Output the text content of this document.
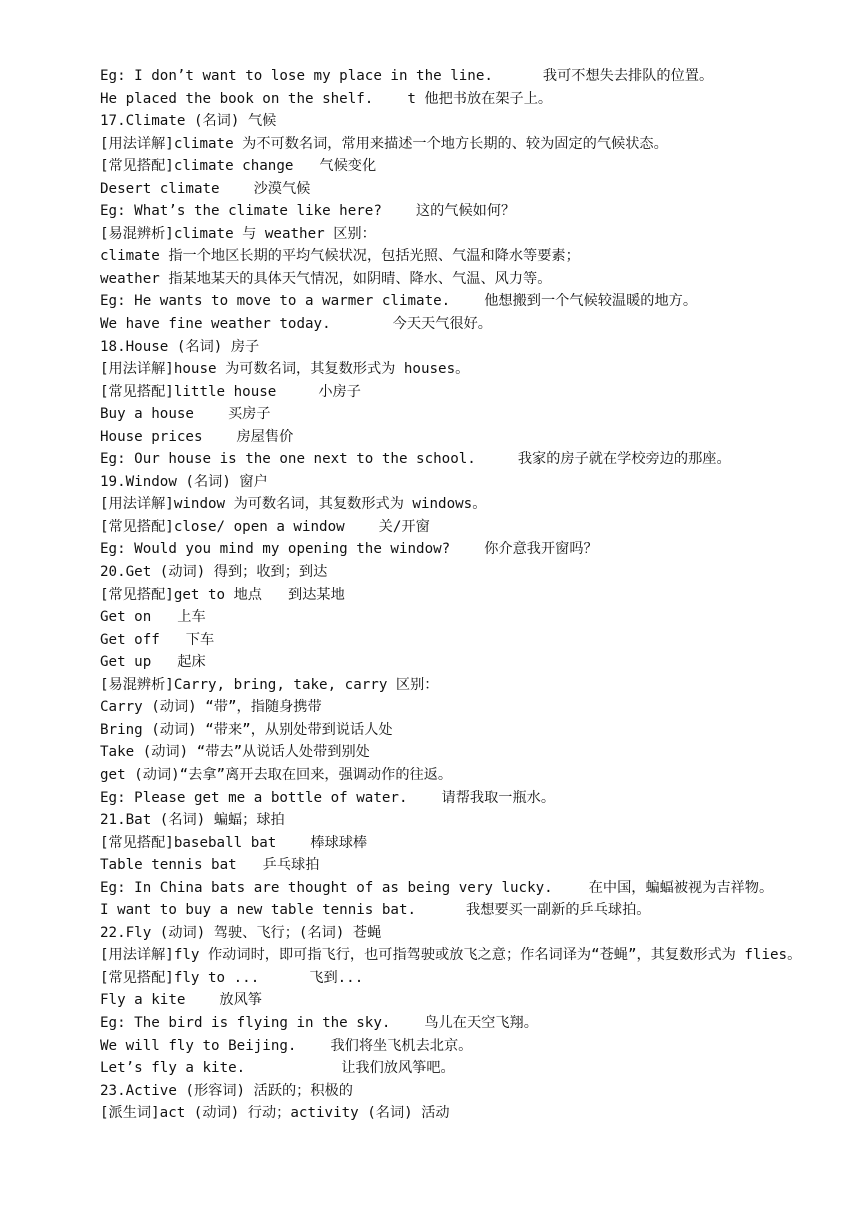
Eg: I don’t want to lose my place in the line.	我可不想失去排队的位置。
He placed the book on the shelf. t 他把书放在架子上。
17.Climate (名词) 气候
[用法详解]climate 为不可数名词，常用来描述一个地方长期的、较为固定的气候状态。
[常见搭配]climate change 气候变化
Desert climate 沙漠气候
Eg: What’s the climate like here? 这的气候如何？
[易混辨析]climate 与 weather 区别：
climate 指一个地区长期的平均气候状况，包括光照、气温和降水等要素；
weather 指某地某天的具体天气情况，如阴晴、降水、气温、风力等。
Eg: He wants to move to a warmer climate. 他想搬到一个气候较温暖的地方。
We have fine weather today.	今天天气很好。
18.House (名词) 房子
[用法详解]house 为可数名词，其复数形式为 houses。
[常见搭配]little house	小房子
Buy a house 买房子
House prices 房屋售价
Eg: Our house is the one next to the school.	我家的房子就在学校旁边的那座。
19.Window (名词) 窗户
[用法详解]window 为可数名词，其复数形式为 windows。
[常见搭配]close/ open a window 关/开窗
Eg: Would you mind my opening the window? 你介意我开窗吗？
20.Get (动词) 得到；收到；到达
[常见搭配]get to 地点 到达某地
Get on 上车
Get off 下车
Get up 起床
[易混辨析]Carry, bring, take, carry 区别：
Carry (动词) “带”，指随身携带
Bring (动词) “带来”，从别处带到说话人处
Take (动词) “带去”从说话人处带到别处
get (动词)“去拿”离开去取在回来，强调动作的往返。
Eg: Please get me a bottle of water. 请帮我取一瓶水。
21.Bat (名词) 蝙蝠；球拍
[常见搭配]baseball bat 棒球球棒
Table tennis bat 乒乓球拍
Eg: In China bats are thought of as being very lucky.	在中国，蝙蝠被视为吉祥物。
I want to buy a new table tennis bat.	我想要买一副新的乒乓球拍。
22.Fly (动词) 驾驶、飞行；(名词) 苍蝇
[用法详解]fly 作动词时，即可指飞行，也可指驾驶或放飞之意；作名词译为“苍蝇”，其复数形式为 flies。
[常见搭配]fly to ...	飞到...
Fly a kite 放风筝
Eg: The bird is flying in the sky. 鸟儿在天空飞翔。
We will fly to Beijing. 我们将坐飞机去北京。
Let’s fly a kite.	让我们放风筝吧。
23.Active (形容词) 活跃的；积极的
[派生词]act (动词) 行动；activity (名词) 活动
